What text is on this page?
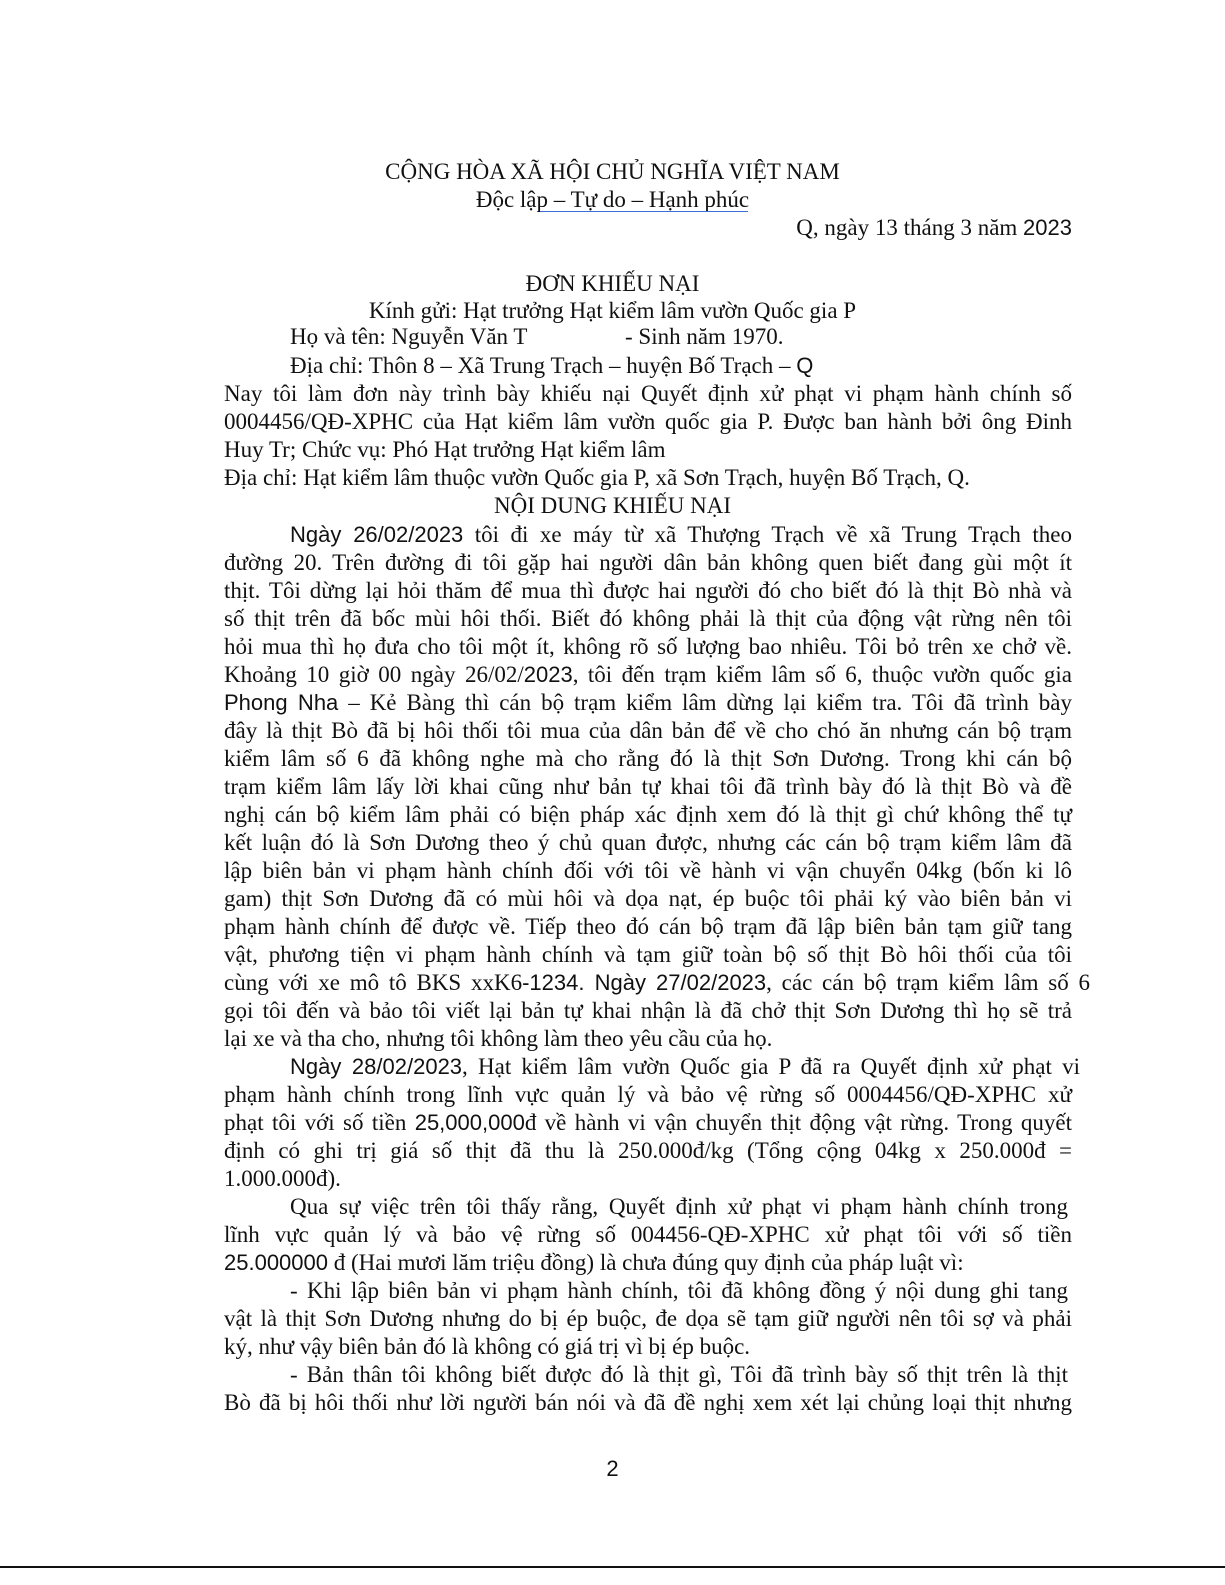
CỘNG HÒA XÃ HỘI CHỦ NGHĨA VIỆT NAM
Độc lập – Tự do – Hạnh phúc
Q, ngày 13 tháng 3 năm 2023
ĐƠN KHIẾU NẠI
Kính gửi: Hạt trưởng Hạt kiểm lâm vườn Quốc gia P
Họ và tên: Nguyễn Văn T	- Sinh năm 1970.
Địa chỉ: Thôn 8 – Xã Trung Trạch – huyện Bố Trạch – Q
Nay tôi làm đơn này trình bày khiếu nại Quyết định xử phạt vi phạm hành chính số
0004456/QĐ-XPHC của Hạt kiểm lâm vườn quốc gia P. Được ban hành bởi ông Đinh
Huy Tr; Chức vụ: Phó Hạt trưởng Hạt kiểm lâm
Địa chỉ: Hạt kiểm lâm thuộc vườn Quốc gia P, xã Sơn Trạch, huyện Bố Trạch, Q.
NỘI DUNG KHIẾU NẠI
Ngày 26/02/2023 tôi đi xe máy từ xã Thượng Trạch về xã Trung Trạch theo
đường 20. Trên đường đi tôi gặp hai người dân bản không quen biết đang gùi một ít
thịt. Tôi dừng lại hỏi thăm để mua thì được hai người đó cho biết đó là thịt Bò nhà và
số thịt trên đã bốc mùi hôi thối. Biết đó không phải là thịt của động vật rừng nên tôi
hỏi mua thì họ đưa cho tôi một ít, không rõ số lượng bao nhiêu. Tôi bỏ trên xe chở về.
Khoảng 10 giờ 00 ngày 26/02/2023, tôi đến trạm kiểm lâm số 6, thuộc vườn quốc gia
Phong Nha – Kẻ Bàng thì cán bộ trạm kiểm lâm dừng lại kiểm tra. Tôi đã trình bày
đây là thịt Bò đã bị hôi thối tôi mua của dân bản để về cho chó ăn nhưng cán bộ trạm
kiểm lâm số 6 đã không nghe mà cho rằng đó là thịt Sơn Dương. Trong khi cán bộ
trạm kiểm lâm lấy lời khai cũng như bản tự khai tôi đã trình bày đó là thịt Bò và đề
nghị cán bộ kiểm lâm phải có biện pháp xác định xem đó là thịt gì chứ không thể tự
kết luận đó là Sơn Dương theo ý chủ quan được, nhưng các cán bộ trạm kiểm lâm đã
lập biên bản vi phạm hành chính đối với tôi về hành vi vận chuyển 04kg (bốn ki lô
gam) thịt Sơn Dương đã có mùi hôi và dọa nạt, ép buộc tôi phải ký vào biên bản vi
phạm hành chính để được về. Tiếp theo đó cán bộ trạm đã lập biên bản tạm giữ tang
vật, phương tiện vi phạm hành chính và tạm giữ toàn bộ số thịt Bò hôi thối của tôi
cùng với xe mô tô BKS xxK6-1234. Ngày 27/02/2023, các cán bộ trạm kiểm lâm số 6
gọi tôi đến và bảo tôi viết lại bản tự khai nhận là đã chở thịt Sơn Dương thì họ sẽ trả
lại xe và tha cho, nhưng tôi không làm theo yêu cầu của họ.
Ngày 28/02/2023, Hạt kiểm lâm vườn Quốc gia P đã ra Quyết định xử phạt vi
phạm hành chính trong lĩnh vực quản lý và bảo vệ rừng số 0004456/QĐ-XPHC xử
phạt tôi với số tiền 25,000,000đ về hành vi vận chuyển thịt động vật rừng. Trong quyết
định có ghi trị giá số thịt đã thu là 250.000đ/kg (Tổng cộng 04kg x 250.000đ =
1.000.000đ).
Qua sự việc trên tôi thấy rằng, Quyết định xử phạt vi phạm hành chính trong
lĩnh vực quản lý và bảo vệ rừng số 004456-QĐ-XPHC xử phạt tôi với số tiền
25.000000 đ (Hai mươi lăm triệu đồng) là chưa đúng quy định của pháp luật vì:
- Khi lập biên bản vi phạm hành chính, tôi đã không đồng ý nội dung ghi tang
vật là thịt Sơn Dương nhưng do bị ép buộc, đe dọa sẽ tạm giữ người nên tôi sợ và phải
ký, như vậy biên bản đó là không có giá trị vì bị ép buộc.
- Bản thân tôi không biết được đó là thịt gì, Tôi đã trình bày số thịt trên là thịt
Bò đã bị hôi thối như lời người bán nói và đã đề nghị xem xét lại chủng loại thịt nhưng
2
